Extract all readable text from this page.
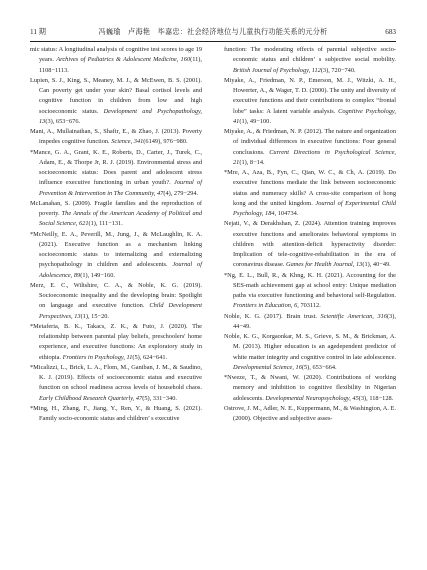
11 期	冯巍瑜　卢海艳　毕嘉忠：社会经济地位与儿童执行功能关系的元分析	683

mic status: A longitudinal analysis of cognitive test scores to age 19 years. Archives of Pediatrics & Adolescent Medicine, 160(11), 1108−1113.

Lupien, S. J., King, S., Meaney, M. J., & McEwen, B. S. (2001). Can poverty get under your skin? Basal cortisol levels and cognitive function in children from low and high socioeconomic status. Development and Psychopathology, 13(3), 653−676.

Mani, A., Mullainathan, S., Shafir, E., & Zhao, J. (2013). Poverty impedes cognitive function. Science, 341(6149), 976−980.

*Mance, G. A., Grant, K. E., Roberts, D., Carter, J., Turek, C., Adam, E., & Thorpe Jr, R. J. (2019). Environmental stress and socioeconomic status: Does parent and adolescent stress influence executive functioning in urban youth?. Journal of Prevention & Intervention in The Community, 47(4), 279−294.

McLanahan, S. (2009). Fragile families and the reproduction of poverty. The Annals of the American Academy of Political and Social Science, 621(1), 111−131.

*McNeilly, E. A., Peverill, M., Jung, J., & McLaughlin, K. A. (2021). Executive function as a mechanism linking socioeconomic status to internalizing and externalizing psychopathology in children and adolescents. Journal of Adolescence, 89(1), 149−160.

Merz, E. C., Wiltshire, C. A., & Noble, K. G. (2019). Socioeconomic inequality and the developing brain: Spotlight on language and executive function. Child Development Perspectives, 13(1), 15−20.

*Metaferia, B. K., Takacs, Z. K., & Futo, J. (2020). The relationship between parental play beliefs, preschoolers' home experience, and executive functions: An exploratory study in ethiopia. Frontiers in Psychology, 11(5), 624−641.

*Micalizzi, L., Brick, L. A., Flom, M., Ganiban, J. M., & Saudino, K. J. (2019). Effects of socioeconomic status and executive function on school readiness across levels of household chaos. Early Childhood Research Quarterly, 47(5), 331−340.

*Ming, H., Zhang, F., Jiang, Y., Ren, Y., & Huang, S. (2021). Family socio-economic status and children’ s executive

function: The moderating effects of parental subjective socio-economic status and children’ s subjective social mobility. British Journal of Psychology, 112(3), 720−740.

Miyake, A., Friedman, N. P., Emerson, M. J., Witzki, A. H., Howerter, A., & Wager, T. D. (2000). The unity and diversity of executive functions and their contributions to complex “frontal lobe” tasks: A latent variable analysis. Cognitive Psychology, 41(1), 49−100.

Miyake, A., & Friedman, N. P. (2012). The nature and organization of individual differences in executive functions: Four general conclusions. Current Directions in Psychological Science, 21(1), 8−14.

*Mre, A., Aza, B., Fyn, C., Qian, W. C., & Ch, A. (2019). Do executive functions mediate the link between socioeconomic status and numeracy skills? A cross-site comparison of hong kong and the united kingdom. Journal of Experimental Child Psychology, 184, 104734.

Nejati, V., & Derakhshan, Z. (2024). Attention training improves executive functions and ameliorates behavioral symptoms in children with attention-deficit hyperactivity disorder: Implication of tele-cognitive-rehabilitation in the era of coronavirus disease. Games for Health Journal, 13(1), 40−49.

*Ng, E. L., Bull, R., & Khng, K. H. (2021). Accounting for the SES-math achievement gap at school entry: Unique mediation paths via executive functioning and behavioral self-Regulation. Frontiers in Education, 6, 703112.

Noble, K. G. (2017). Brain trust. Scientific American, 316(3), 44−49.

Noble, K. G., Korgaonkar, M. S., Grieve, S. M., & Brickman, A. M. (2013). Higher education is an agedependent predictor of white matter integrity and cognitive control in late adolescence. Developmental Science, 16(5), 653−664.

*Nweze, T., & Nwani, W. (2020). Contributions of working memory and inhibition to cognitive flexibility in Nigerian adolescents. Developmental Neuropsychology, 45(3), 118−128.

Ostrove, J. M., Adler, N. E., Kuppermann, M., & Washington, A. E. (2000). Objective and subjective asses-
